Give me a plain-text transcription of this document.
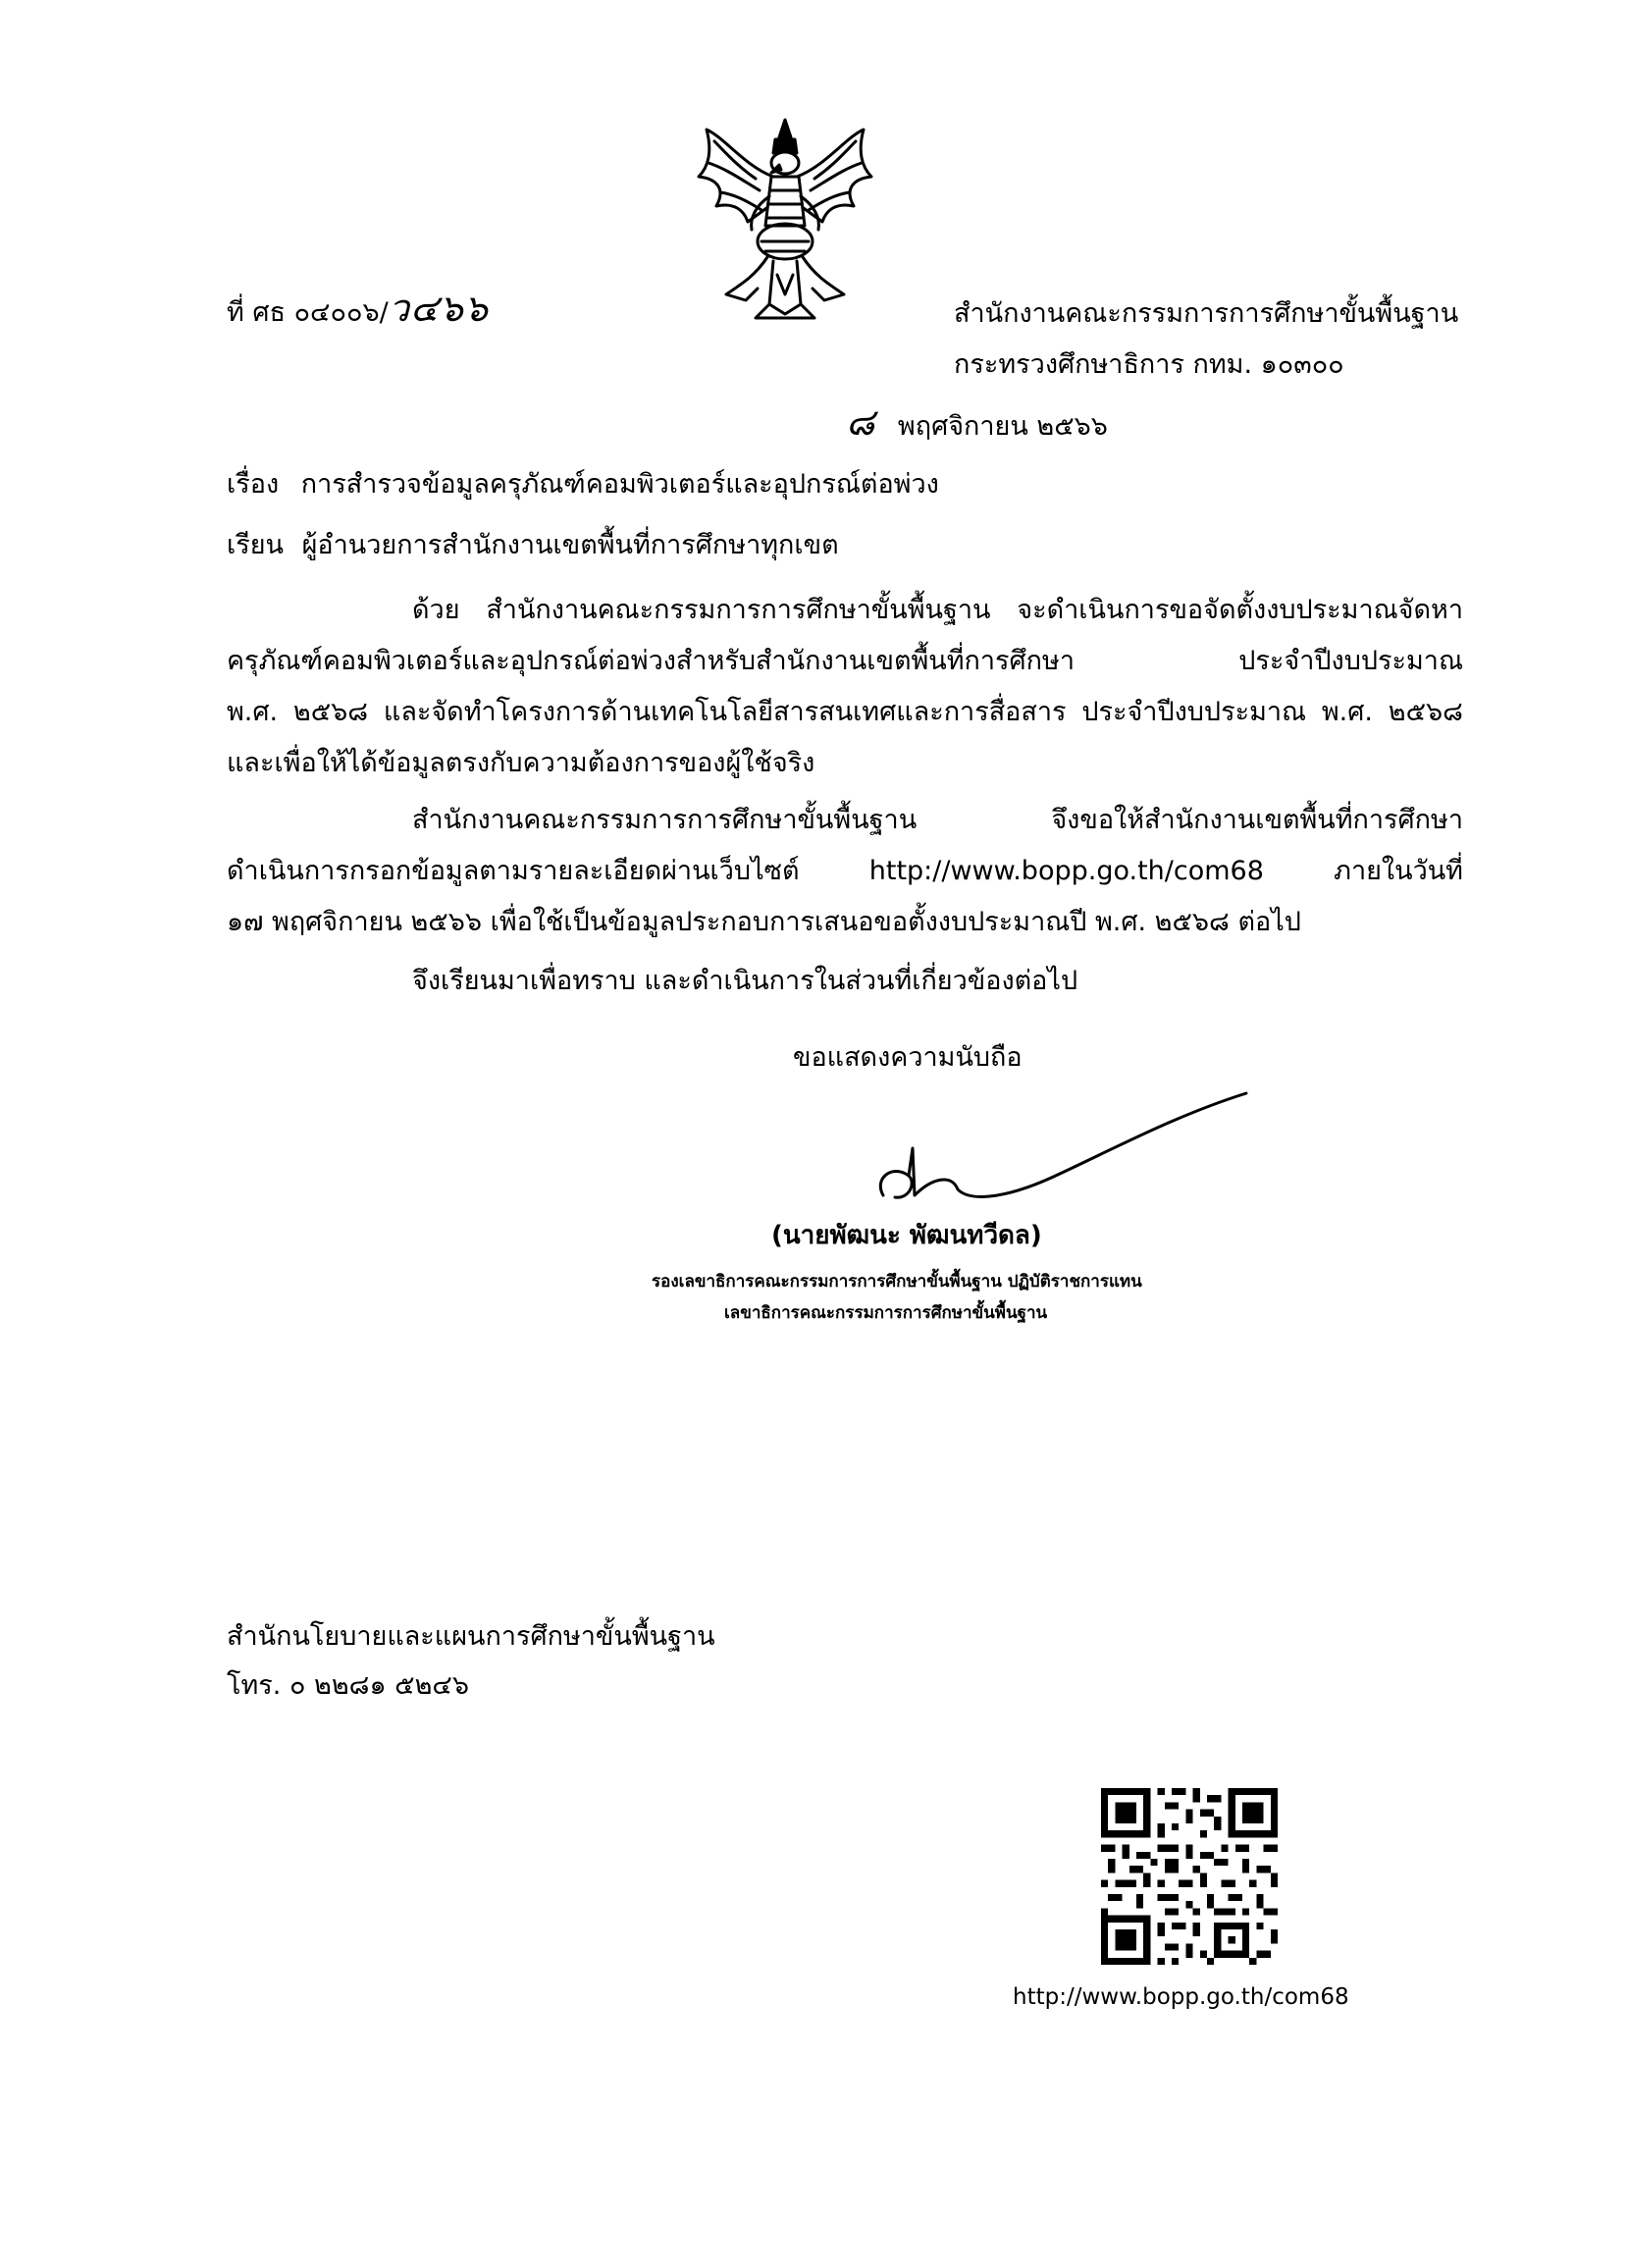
ที่ ศธ ๐๔๐๐๖/ว๔๖๖	สำนักงานคณะกรรมการการศึกษาขั้นพื้นฐาน
กระทรวงศึกษาธิการ กทม. ๑๐๓๐๐
๘ พฤศจิกายน ๒๕๖๖
เรื่อง การสำรวจข้อมูลครุภัณฑ์คอมพิวเตอร์และอุปกรณ์ต่อพ่วง
เรียน ผู้อำนวยการสำนักงานเขตพื้นที่การศึกษาทุกเขต
ด้วย สำนักงานคณะกรรมการการศึกษาขั้นพื้นฐาน จะดำเนินการขอจัดตั้งงบประมาณจัดหา
ครุภัณฑ์คอมพิวเตอร์และอุปกรณ์ต่อพ่วงสำหรับสำนักงานเขตพื้นที่การศึกษา ประจำปีงบประมาณ
พ.ศ. ๒๕๖๘ และจัดทำโครงการด้านเทคโนโลยีสารสนเทศและการสื่อสาร ประจำปีงบประมาณ พ.ศ. ๒๕๖๘
และเพื่อให้ได้ข้อมูลตรงกับความต้องการของผู้ใช้จริง
สำนักงานคณะกรรมการการศึกษาขั้นพื้นฐาน จึงขอให้สำนักงานเขตพื้นที่การศึกษา
ดำเนินการกรอกข้อมูลตามรายละเอียดผ่านเว็บไซต์ http://www.bopp.go.th/com68 ภายในวันที่
๑๗ พฤศจิกายน ๒๕๖๖ เพื่อใช้เป็นข้อมูลประกอบการเสนอขอตั้งงบประมาณปี พ.ศ. ๒๕๖๘ ต่อไป
จึงเรียนมาเพื่อทราบ และดำเนินการในส่วนที่เกี่ยวข้องต่อไป
ขอแสดงความนับถือ
(นายพัฒนะ พัฒนทวีดล)
รองเลขาธิการคณะกรรมการการศึกษาขั้นพื้นฐาน ปฏิบัติราชการแทน
เลขาธิการคณะกรรมการการศึกษาขั้นพื้นฐาน
สำนักนโยบายและแผนการศึกษาขั้นพื้นฐาน
โทร. ๐ ๒๒๘๑ ๕๒๔๖
http://www.bopp.go.th/com68
